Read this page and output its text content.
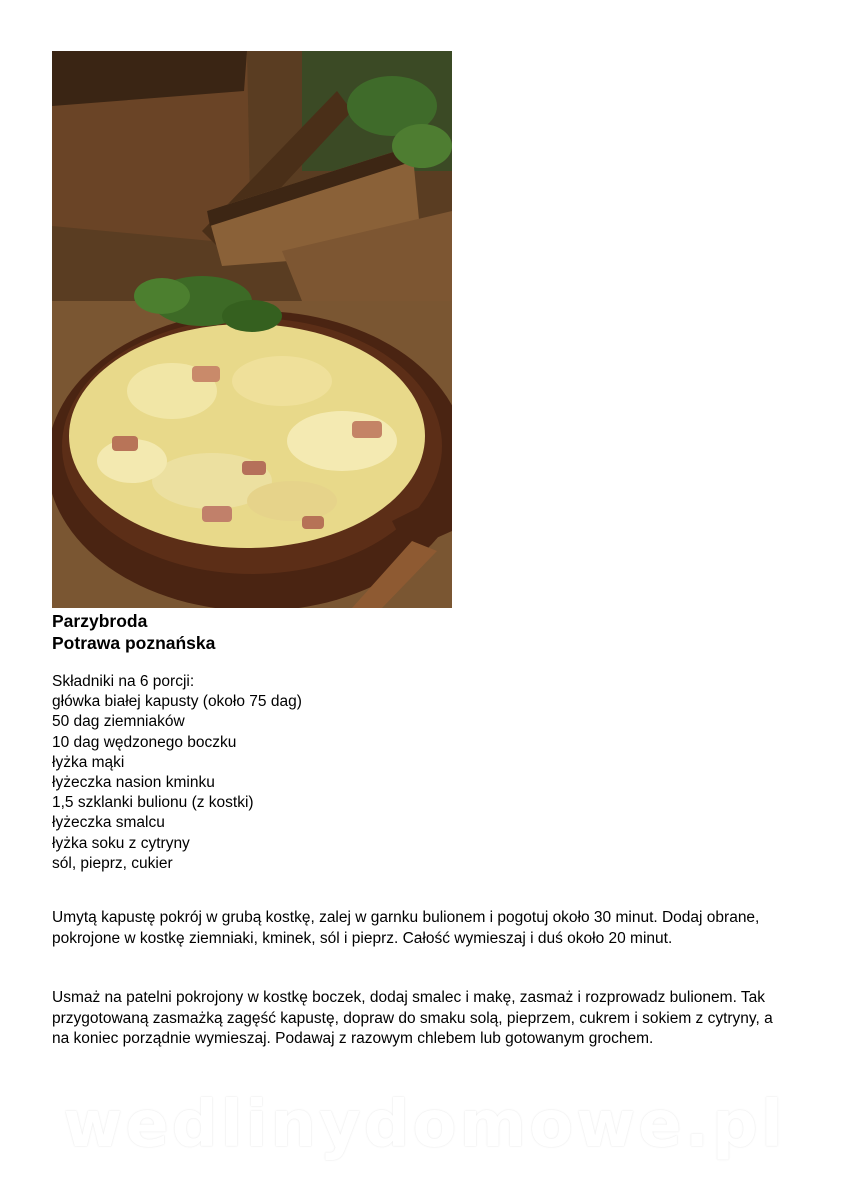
Parzybroda
Potrawa poznańska
Składniki na 6 porcji:
główka białej kapusty (około 75 dag)
50 dag ziemniaków
10 dag wędzonego boczku
łyżka mąki
łyżeczka nasion kminku
1,5 szklanki bulionu (z kostki)
łyżeczka smalcu
łyżka soku z cytryny
sól, pieprz, cukier
Umytą kapustę pokrój w grubą kostkę, zalej w garnku bulionem i pogotuj około 30 minut. Dodaj obrane, pokrojone w kostkę ziemniaki, kminek, sól i pieprz. Całość wymieszaj i duś około 20 minut.
Usmaż na patelni pokrojony w kostkę boczek, dodaj smalec i makę, zasmaż i rozprowadz bulionem. Tak przygotowaną zasmażką zagęść kapustę, dopraw do smaku solą, pieprzem, cukrem i sokiem z cytryny, a na koniec porządnie wymieszaj. Podawaj z razowym chlebem lub gotowanym grochem.
wedlinydomowe.pl
